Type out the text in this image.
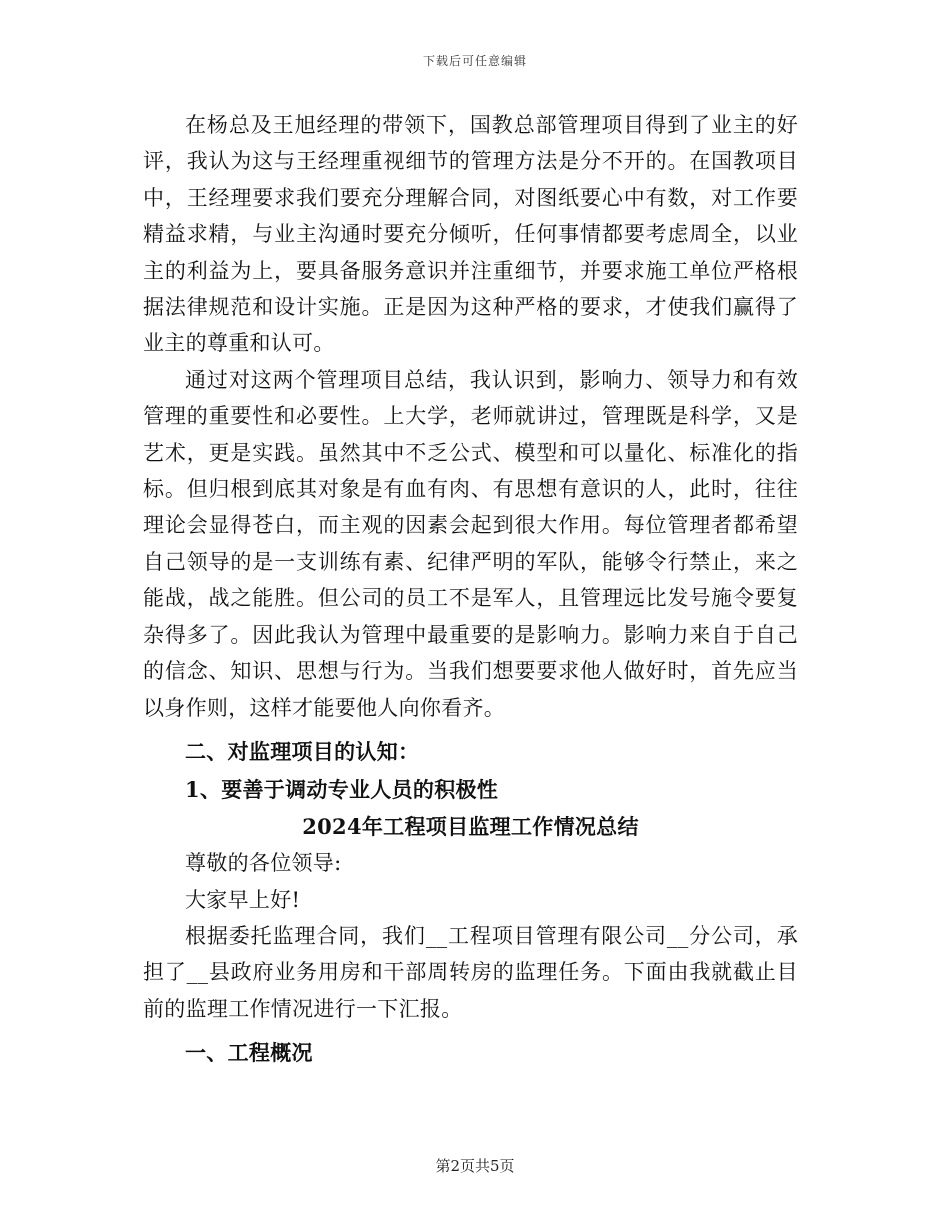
下载后可任意编辑

在杨总及王旭经理的带领下，国教总部管理项目得到了业主的好评，我认为这与王经理重视细节的管理方法是分不开的。在国教项目中，王经理要求我们要充分理解合同，对图纸要心中有数，对工作要精益求精，与业主沟通时要充分倾听，任何事情都要考虑周全，以业主的利益为上，要具备服务意识并注重细节，并要求施工单位严格根据法律规范和设计实施。正是因为这种严格的要求，才使我们赢得了业主的尊重和认可。

通过对这两个管理项目总结，我认识到，影响力、领导力和有效管理的重要性和必要性。上大学，老师就讲过，管理既是科学，又是艺术，更是实践。虽然其中不乏公式、模型和可以量化、标准化的指标。但归根到底其对象是有血有肉、有思想有意识的人，此时，往往理论会显得苍白，而主观的因素会起到很大作用。每位管理者都希望自己领导的是一支训练有素、纪律严明的军队，能够令行禁止，来之能战，战之能胜。但公司的员工不是军人，且管理远比发号施令要复杂得多了。因此我认为管理中最重要的是影响力。影响力来自于自己的信念、知识、思想与行为。当我们想要要求他人做好时，首先应当以身作则，这样才能要他人向你看齐。

二、对监理项目的认知：
1、要善于调动专业人员的积极性
2024年工程项目监理工作情况总结
尊敬的各位领导:
大家早上好!

根据委托监理合同，我们__工程项目管理有限公司__分公司，承担了__县政府业务用房和干部周转房的监理任务。下面由我就截止目前的监理工作情况进行一下汇报。

一、工程概况
第2页共5页
